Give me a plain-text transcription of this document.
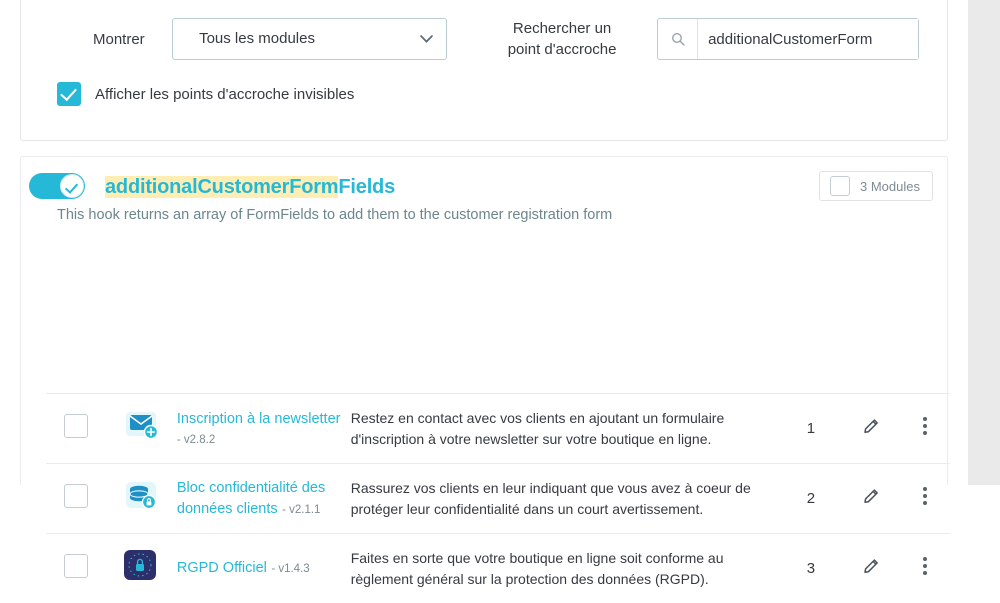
Montrer	Tous les modules
Rechercher un
point d'accroche
additionalCustomerForm
Afficher les points d'accroche invisibles
additionalCustomerFormFields
This hook returns an array of FormFields to add them to the customer registration form
3 Modules
		Inscription à la newsletter - v2.8.2	Restez en contact avec vos clients en ajoutant un formulaire d'inscription à votre newsletter sur votre boutique en ligne.	1		

		Bloc confidentialité des données clients - v2.1.1	Rassurez vos clients en leur indiquant que vous avez à coeur de protéger leur confidentialité dans un court avertissement.	2		

		RGPD Officiel - v1.4.3	Faites en sorte que votre boutique en ligne soit conforme au règlement général sur la protection des données (RGPD).	3		
